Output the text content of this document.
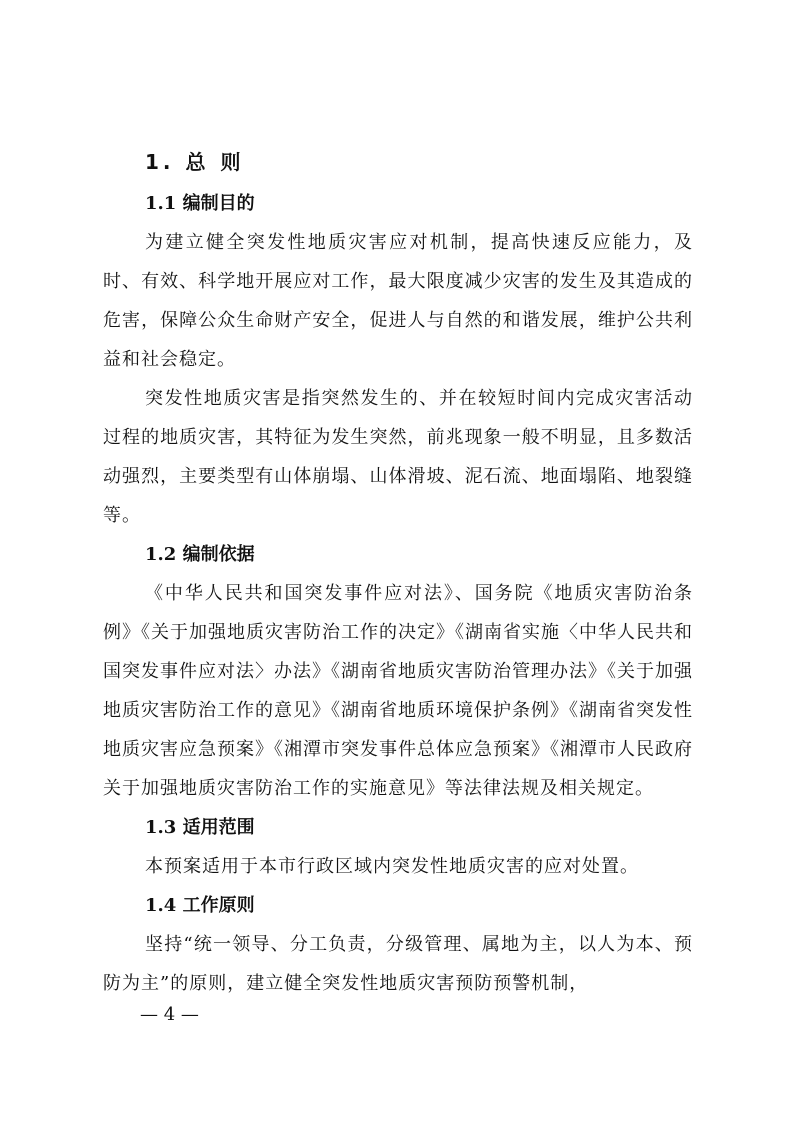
1. 总 则
1.1 编制目的

为建立健全突发性地质灾害应对机制，提高快速反应能力，及时、有效、科学地开展应对工作，最大限度减少灾害的发生及其造成的危害，保障公众生命财产安全，促进人与自然的和谐发展，维护公共利益和社会稳定。

突发性地质灾害是指突然发生的、并在较短时间内完成灾害活动过程的地质灾害，其特征为发生突然，前兆现象一般不明显，且多数活动强烈，主要类型有山体崩塌、山体滑坡、泥石流、地面塌陷、地裂缝等。

1.2 编制依据

《中华人民共和国突发事件应对法》、国务院《地质灾害防治条例》《关于加强地质灾害防治工作的决定》《湖南省实施〈中华人民共和国突发事件应对法〉办法》《湖南省地质灾害防治管理办法》《关于加强地质灾害防治工作的意见》《湖南省地质环境保护条例》《湖南省突发性地质灾害应急预案》《湘潭市突发事件总体应急预案》《湘潭市人民政府关于加强地质灾害防治工作的实施意见》等法律法规及相关规定。

1.3 适用范围

本预案适用于本市行政区域内突发性地质灾害的应对处置。

1.4 工作原则

坚持“统一领导、分工负责，分级管理、属地为主，以人为本、预防为主”的原则，建立健全突发性地质灾害预防预警机制，

— 4 —
